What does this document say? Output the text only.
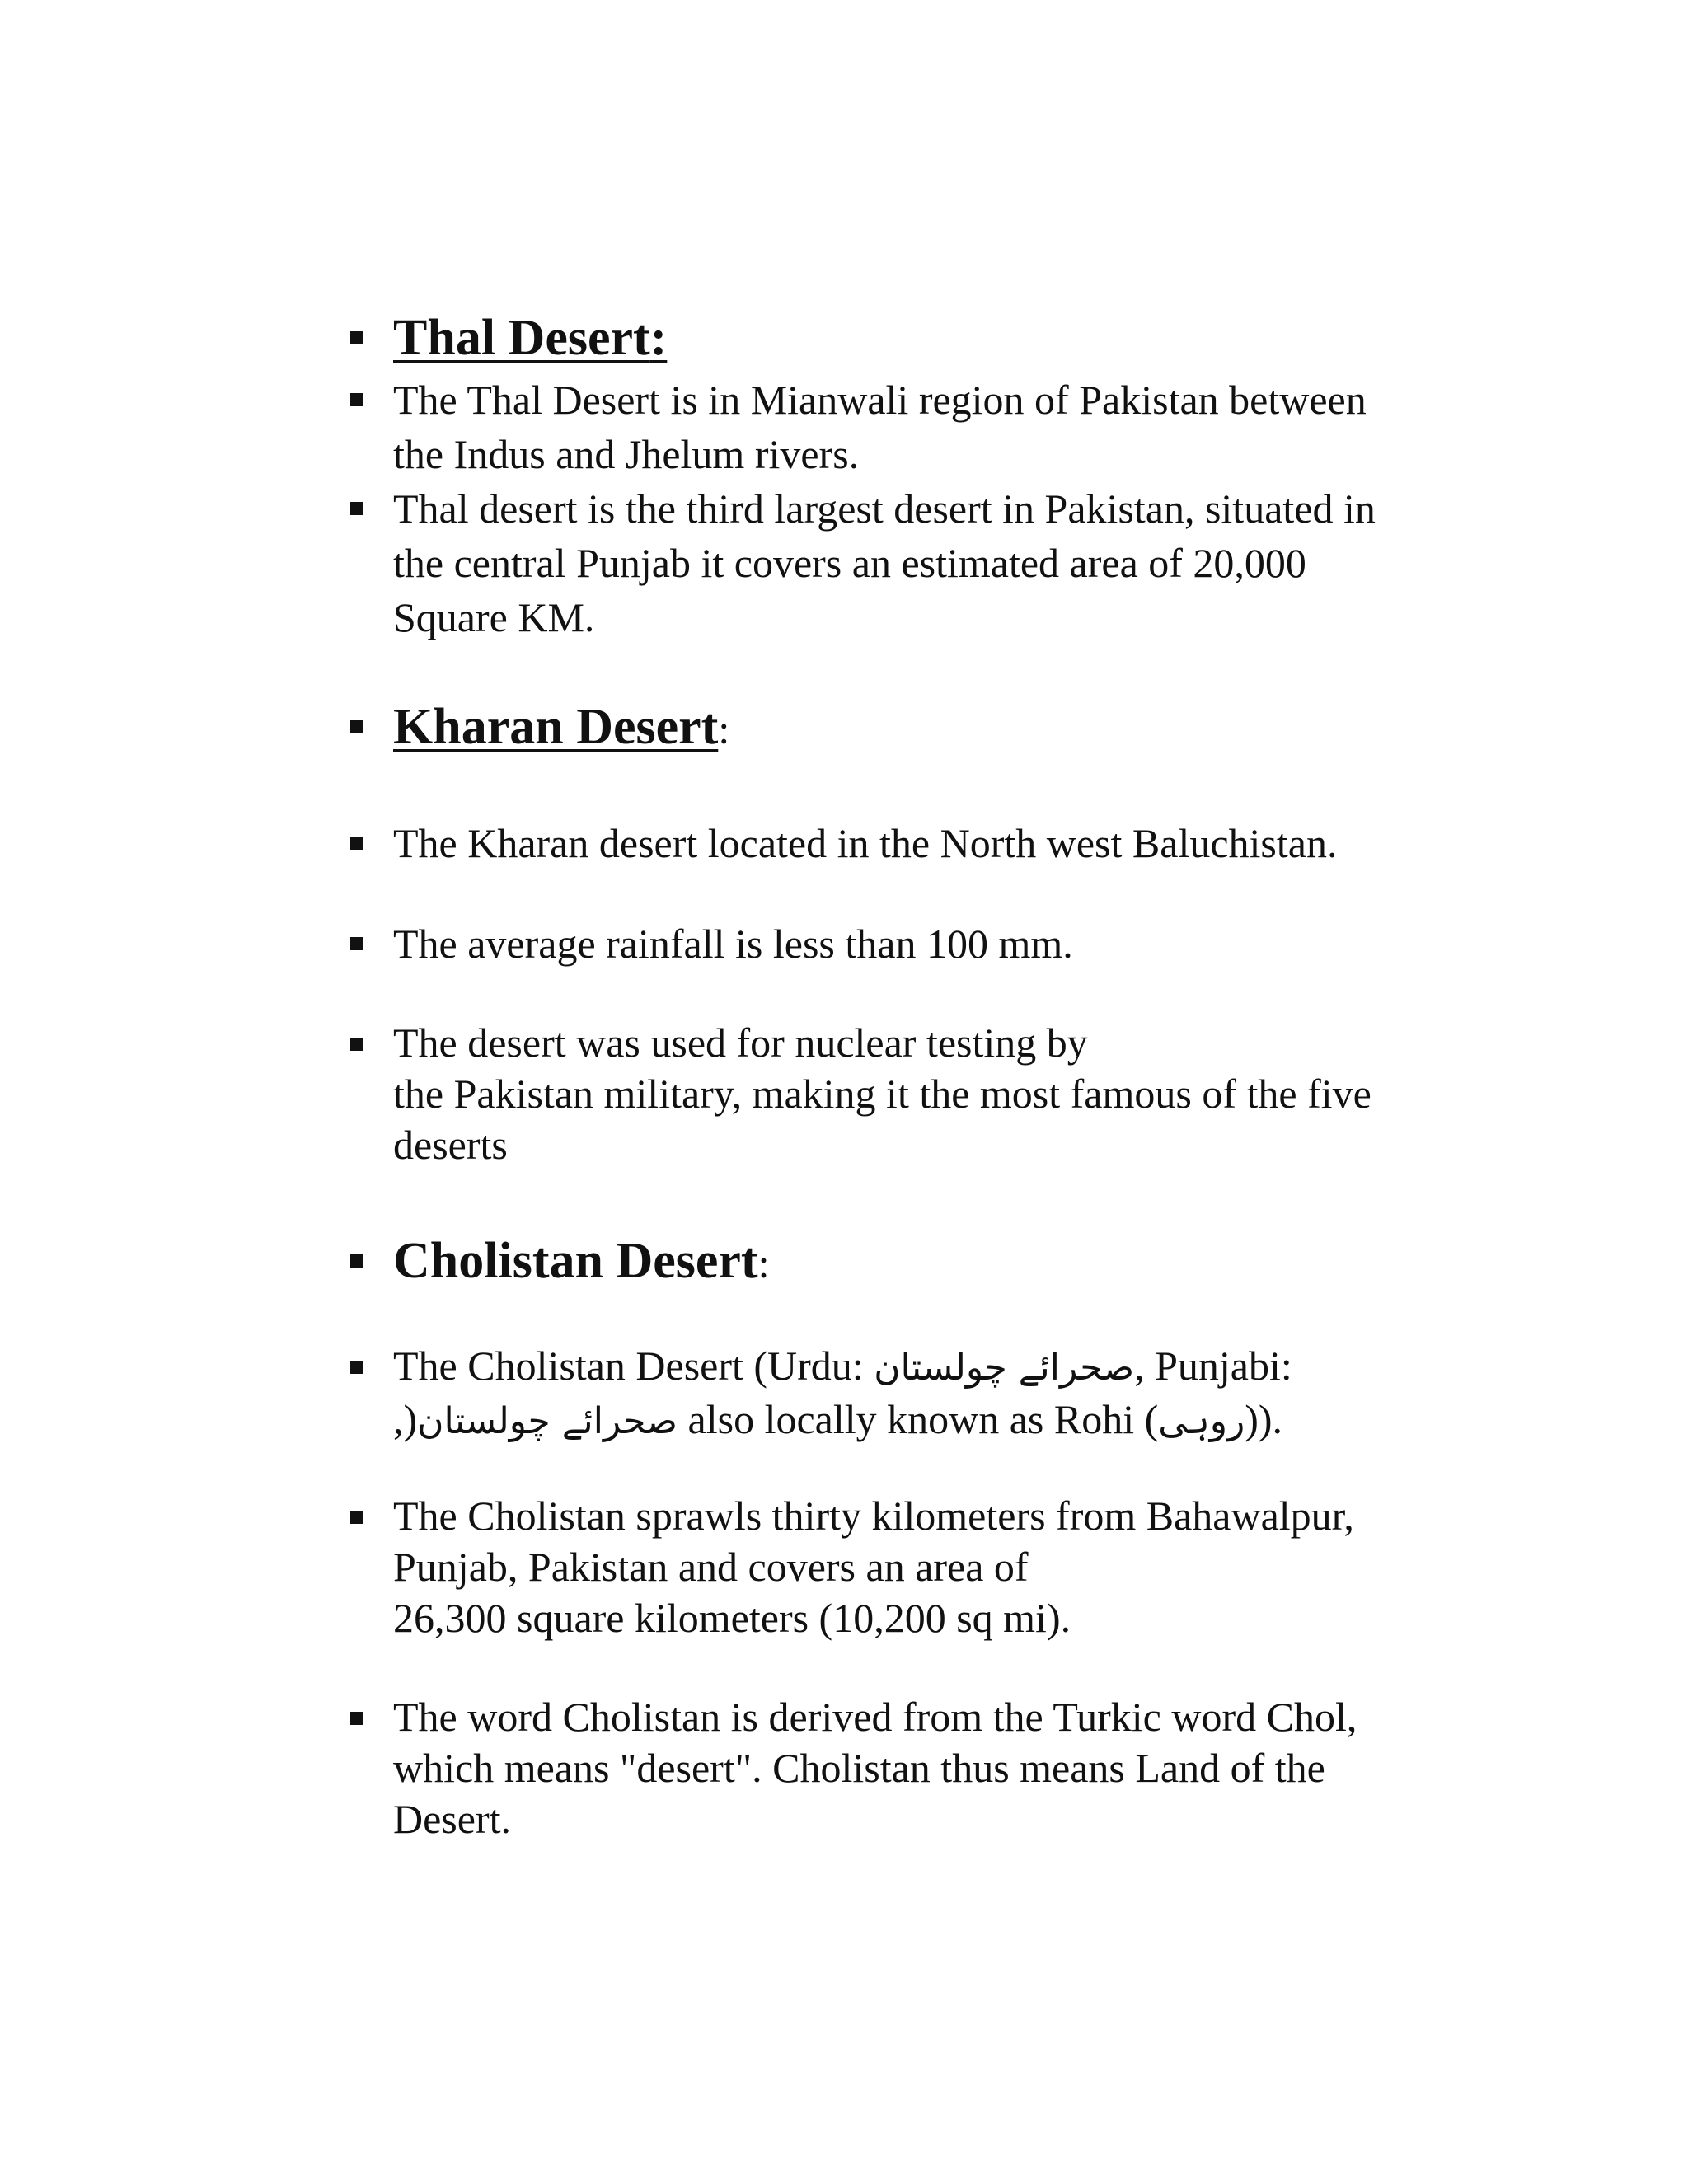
Thal Desert:
The Thal Desert is in Mianwali region of Pakistan between
the Indus and Jhelum rivers.
Thal desert is the third largest desert in Pakistan, situated in
the central Punjab it covers an estimated area of 20,000
Square KM.
Kharan Desert:
The Kharan desert located in the North west Baluchistan.
The average rainfall is less than 100 mm.
The desert was used for nuclear testing by
the Pakistan military, making it the most famous of the five
deserts
Cholistan Desert:
The Cholistan Desert (Urdu: صحرائے چولستان, Punjabi:
,)صحرائے چولستان also locally known as Rohi (روہی)).
The Cholistan sprawls thirty kilometers from Bahawalpur,
Punjab, Pakistan and covers an area of
26,300 square kilometers (10,200 sq mi).
The word Cholistan is derived from the Turkic word Chol,
which means "desert". Cholistan thus means Land of the
Desert.
